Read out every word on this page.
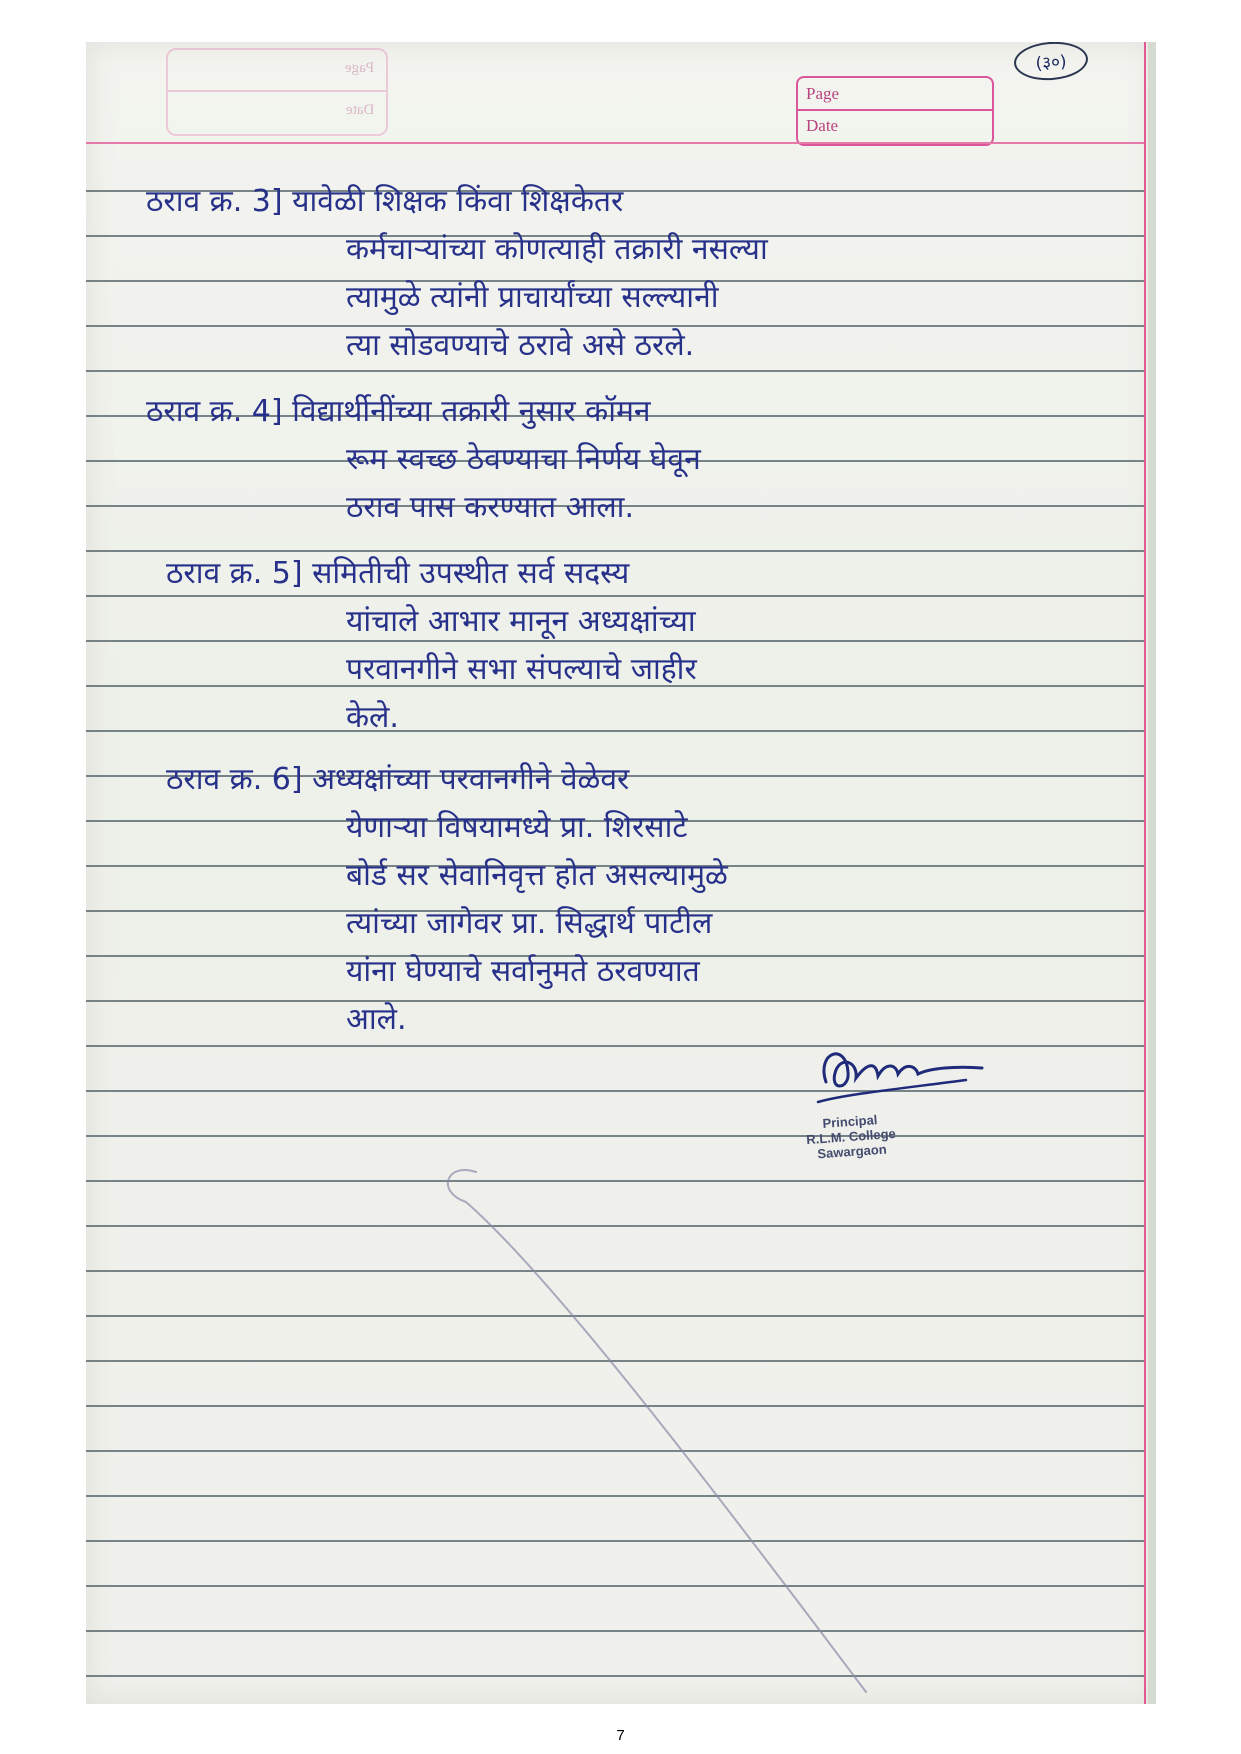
Page
Date
Page
Date
(३०)
ठराव क्र. 3] यावेळी शिक्षक किंवा शिक्षकेतर
कर्मचाऱ्यांच्या कोणत्याही तक्रारी नसल्या
त्यामुळे त्यांनी प्राचार्यांच्या सल्ल्यानी
त्या सोडवण्याचे ठरावे असे ठरले.
ठराव क्र. 4] विद्यार्थीनींच्या तक्रारी नुसार कॉमन
रूम स्वच्छ ठेवण्याचा निर्णय घेवून
ठराव पास करण्यात आला.
ठराव क्र. 5] समितीची उपस्थीत सर्व सदस्य
यांचाले आभार मानून अध्यक्षांच्या
परवानगीने सभा संपल्याचे जाहीर
केले.
ठराव क्र. 6] अध्यक्षांच्या परवानगीने वेळेवर
येणाऱ्या विषयामध्ये प्रा. शिरसाटे
बोर्ड सर सेवानिवृत्त होत असल्यामुळे
त्यांच्या जागेवर प्रा. सिद्धार्थ पाटील
यांना घेण्याचे सर्वानुमते ठरवण्यात
आले.
Principal
R.L.M. College
Sawargaon
7
